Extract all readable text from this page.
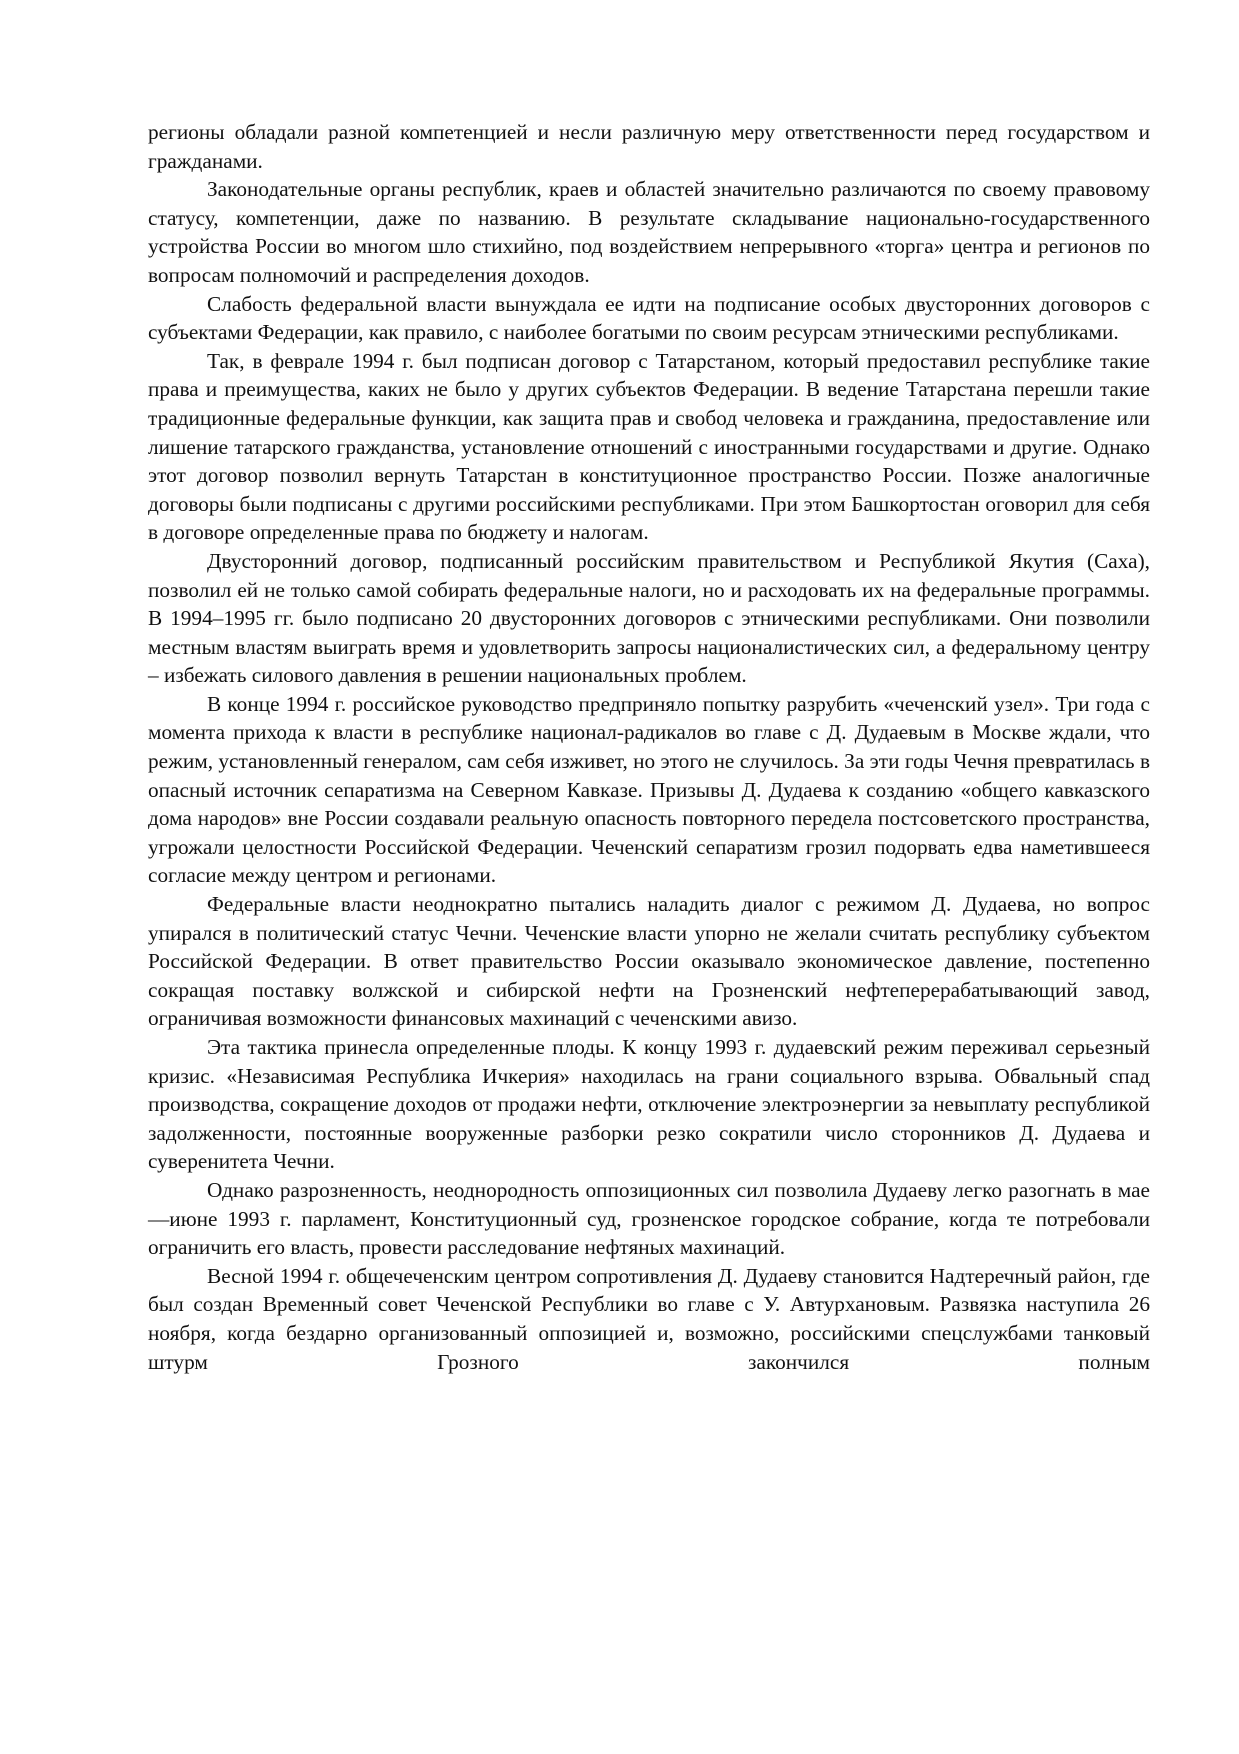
регионы обладали разной компетенцией и несли различную меру ответственности перед государством и гражданами.

Законодательные органы республик, краев и областей значительно различаются по своему правовому статусу, компетенции, даже по названию. В результате складывание национально-государственного устройства России во многом шло стихийно, под воздействием непрерывного «торга» центра и регионов по вопросам полномочий и распределения доходов.

Слабость федеральной власти вынуждала ее идти на подписание особых двусторонних договоров с субъектами Федерации, как правило, с наиболее богатыми по своим ресурсам этническими республиками.

Так, в феврале 1994 г. был подписан договор с Татарстаном, который предоставил республике такие права и преимущества, каких не было у других субъектов Федерации. В ведение Татарстана перешли такие традиционные федеральные функции, как защита прав и свобод человека и гражданина, предоставление или лишение татарского гражданства, установление отношений с иностранными государствами и другие. Однако этот договор позволил вернуть Татарстан в конституционное пространство России. Позже аналогичные договоры были подписаны с другими российскими республиками. При этом Башкортостан оговорил для себя в договоре определенные права по бюджету и налогам.

Двусторонний договор, подписанный российским правительством и Республикой Якутия (Саха), позволил ей не только самой собирать федеральные налоги, но и расходовать их на федеральные программы. В 1994–1995 гг. было подписано 20 двусторонних договоров с этническими республиками. Они позволили местным властям выиграть время и удовлетворить запросы националистических сил, а федеральному центру – избежать силового давления в решении национальных проблем.

В конце 1994 г. российское руководство предприняло попытку разрубить «чеченский узел». Три года с момента прихода к власти в республике национал-радикалов во главе с Д. Дудаевым в Москве ждали, что режим, установленный генералом, сам себя изживет, но этого не случилось. За эти годы Чечня превратилась в опасный источник сепаратизма на Северном Кавказе. Призывы Д. Дудаева к созданию «общего кавказского дома народов» вне России создавали реальную опасность повторного передела постсоветского пространства, угрожали целостности Российской Федерации. Чеченский сепаратизм грозил подорвать едва наметившееся согласие между центром и регионами.

Федеральные власти неоднократно пытались наладить диалог с режимом Д. Дудаева, но вопрос упирался в политический статус Чечни. Чеченские власти упорно не желали считать республику субъектом Российской Федерации. В ответ правительство России оказывало экономическое давление, постепенно сокращая поставку волжской и сибирской нефти на Грозненский нефтеперерабатывающий завод, ограничивая возможности финансовых махинаций с чеченскими авизо.

Эта тактика принесла определенные плоды. К концу 1993 г. дудаевский режим переживал серьезный кризис. «Независимая Республика Ичкерия» находилась на грани социального взрыва. Обвальный спад производства, сокращение доходов от продажи нефти, отключение электроэнергии за невыплату республикой задолженности, постоянные вооруженные разборки резко сократили число сторонников Д. Дудаева и суверенитета Чечни.

Однако разрозненность, неоднородность оппозиционных сил позволила Дудаеву легко разогнать в мае—июне 1993 г. парламент, Конституционный суд, грозненское городское собрание, когда те потребовали ограничить его власть, провести расследование нефтяных махинаций.

Весной 1994 г. общечеченским центром сопротивления Д. Дудаеву становится Надтеречный район, где был создан Временный совет Чеченской Республики во главе с У. Автурхановым. Развязка наступила 26 ноября, когда бездарно организованный оппозицией и, возможно, российскими спецслужбами танковый штурм Грозного закончился полным
